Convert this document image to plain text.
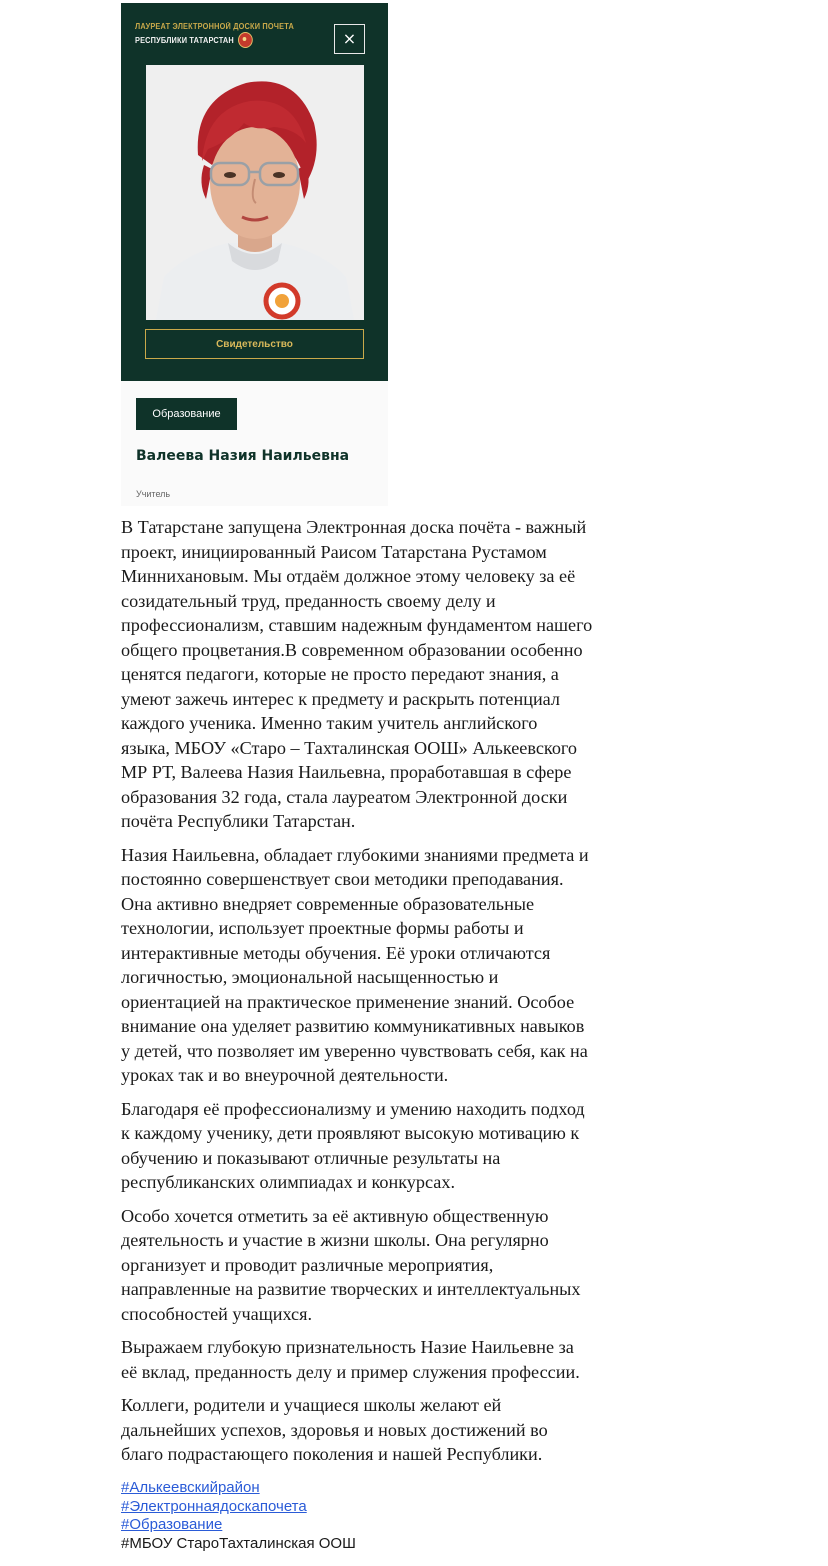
ЛАУРЕАТ ЭЛЕКТРОННОЙ ДОСКИ ПОЧЕТА
РЕСПУБЛИКИ ТАТАРСТАН	×
Свидетельство
Образование
Валеева Назия Наильевна
Учитель

В Татарстане запущена Электронная доска почёта - важный
проект, инициированный Раисом Татарстана Рустамом
Миннихановым. Мы отдаём должное этому человеку за её
созидательный труд, преданность своему делу и
профессионализм, ставшим надежным фундаментом нашего
общего процветания.В современном образовании особенно
ценятся педагоги, которые не просто передают знания, а
умеют зажечь интерес к предмету и раскрыть потенциал
каждого ученика. Именно таким учитель английского
языка, МБОУ «Старо – Тахталинская ООШ» Алькеевского
МР РТ, Валеева Назия Наильевна, проработавшая в сфере
образования 32 года, стала лауреатом Электронной доски
почёта Республики Татарстан.

Назия Наильевна, обладает глубокими знаниями предмета и
постоянно совершенствует свои методики преподавания.
Она активно внедряет современные образовательные
технологии, использует проектные формы работы и
интерактивные методы обучения. Её уроки отличаются
логичностью, эмоциональной насыщенностью и
ориентацией на практическое применение знаний. Особое
внимание она уделяет развитию коммуникативных навыков
у детей, что позволяет им уверенно чувствовать себя, как на
уроках так и во внеурочной деятельности.

Благодаря её профессионализму и умению находить подход
к каждому ученику, дети проявляют высокую мотивацию к
обучению и показывают отличные результаты на
республиканских олимпиадах и конкурсах.

Особо хочется отметить за её активную общественную
деятельность и участие в жизни школы. Она регулярно
организует и проводит различные мероприятия,
направленные на развитие творческих и интеллектуальных
способностей учащихся.

Выражаем глубокую признательность Назие Наильевне за
её вклад, преданность делу и пример служения профессии.

Коллеги, родители и учащиеся школы желают ей
дальнейших успехов, здоровья и новых достижений во
благо подрастающего поколения и нашей Республики.

#Алькеевскийрайон
#Электроннаядоскапочета
#Образование
#МБОУ СтароТахталинская ООШ
